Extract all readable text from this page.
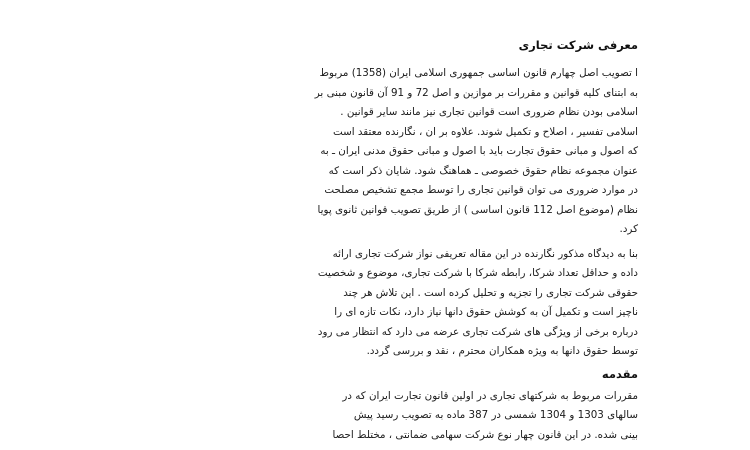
معرفی شرکت تجاری
ا تصویب اصل چهارم قانون اساسی جمهوری اسلامی ایران (1358) مربوط
به ابتنای کلیه قوانین و مقررات بر موازین و اصل 72 و 91 آن قانون مبنی بر
اسلامی بودن نظام ضروری است قوانین تجاری نیز مانند سایر قوانین .
اسلامی تفسیر ، اصلاح و تکمیل شوند. علاوه بر ان ، نگارنده معتقد است
که اصول و مبانی حقوق تجارت باید با اصول و مبانی حقوق مدنی ایران ـ به
عنوان مجموعه نظام حقوق خصوصی ـ هماهنگ شود. شایان ذکر است که
در موارد ضروری می توان قوانین تجاری را توسط مجمع تشخیص مصلحت
نظام (موضوع اصل 112 قانون اساسی ) از طریق تصویب قوانین ثانوی پویا
کرد.
بنا به دیدگاه مذکور نگارنده در این مقاله تعریفی نواز شرکت تجاری ارائه
داده و حداقل تعداد شرکا، رابطه شرکا با شرکت تجاری، موضوع و شخصیت
حقوقی شرکت تجاری را تجزیه و تحلیل کرده است . این تلاش هر چند
ناچیز است و تکمیل آن به کوشش حقوق دانها نیاز دارد، نکات تازه ای را
درباره برخی از ویژگی های شرکت تجاری عرضه می دارد که انتظار می رود
توسط حقوق دانها به ویژه همکاران محترم ، نقد و بررسی گردد.
مقدمه
مقررات مربوط به شرکتهای تجاری در اولین قانون تجارت ایران که در
سالهای 1303 و 1304 شمسی در 387 ماده به تصویب رسید پیش
بینی شده. در این قانون چهار نوع شرکت سهامی ضمانتی ، مختلط احصا
